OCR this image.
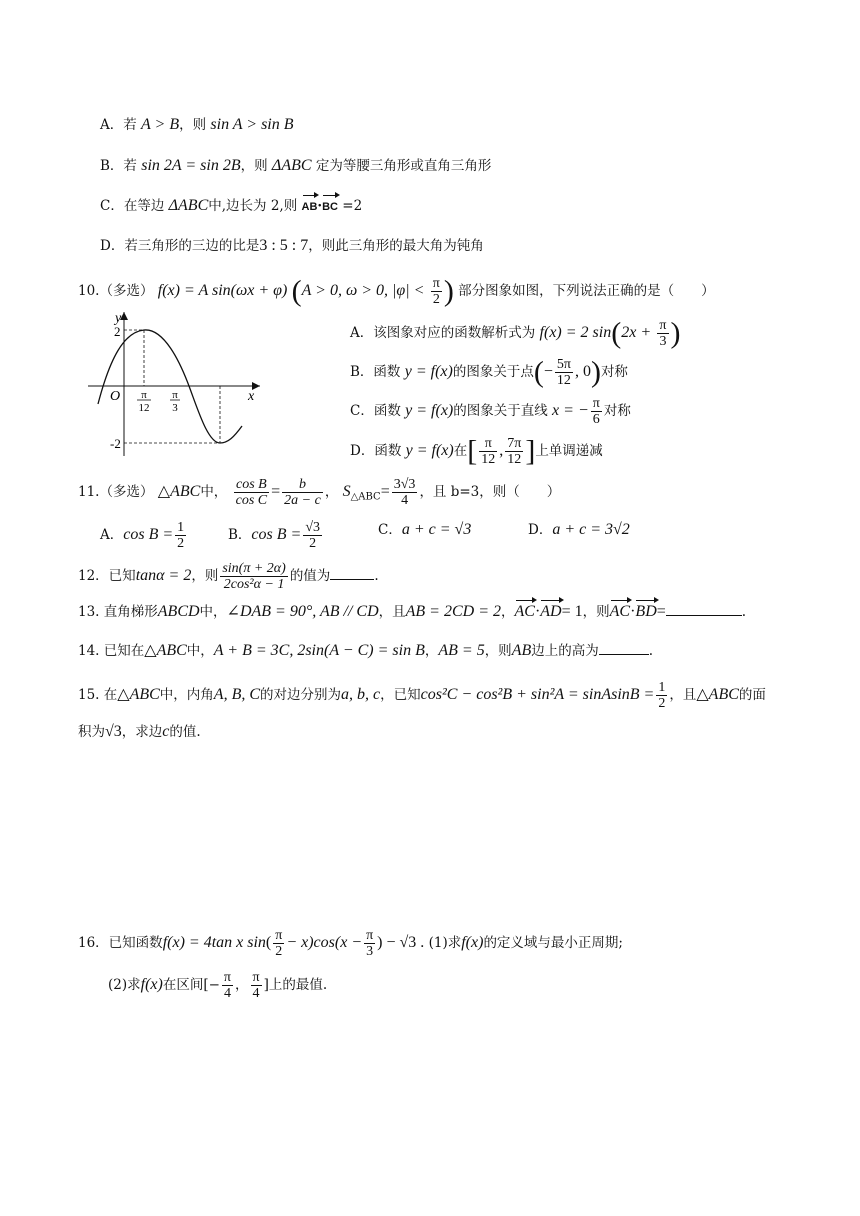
A．若 A > B，则 sin A > sin B
B．若 sin 2A = sin 2B，则 ΔABC 定为等腰三角形或直角三角形
C．在等边 ΔABC中,边长为 2,则 AB·BC =2
D．若三角形的三边的比是3 : 5 : 7，则此三角形的最大角为钝角
10.（多选） f(x) = A sin(ωx + φ) (A > 0, ω > 0, $|\varphi| < \frac{\pi}{2}$ ) 部分图象如图，下列说法正确的是（　　）
y
x
O
2
-2
π
12
π
3
A．该图象对应的函数解析式为 f(x) = 2 $\sin(2x + \frac{\pi}{3}$ )
B．函数 y = f(x)的图象关于点(− $\frac{5\pi}{12}$ , 0)对称
C．函数 y = f(x)的图象关于直线 x = − $\frac{\pi}{6}$ 对称
D．函数 y = f(x)在[ $\frac{\pi}{12}$ , $\frac{7\pi}{12}$ ]上单调递减
11.（多选） △ABC中， $\frac{\text{cos B}}{\text{cos C}} = \frac{b}{2a - c}$ ， $S_{\triangle ABC}= \frac{3√3}{4}$ ，且 b=3，则（　　）
A．$\cos B = \frac{1}{2}$	B．$\cos B = \frac{√3}{2}$	C．a + c = √3	D．a + c = 3√2
12．已知tanα = 2，则 $\frac{\sin(\pi + 2\alpha)}{\text{2cos²α − 1}}$ 的值为	.
13. 直角梯形ABCD中，∠DAB = 90°, AB // CD，且AB = 2CD = 2，AC·AD= 1，则AC·BD=	.
14. 已知在△ABC中，A + B = 3C, 2sin(A − C) = sin B，AB = 5，则AB边上的高为	.
15. 在△ABC中，内角A, B, C的对边分别为a, b, c，已知cos²C − cos²B + sin²A = sinAsinB = $\frac{1}{2}$ ，且△ABC的面
积为√3，求边c的值.
16．已知函数f(x) = 4tan x $\sin( \frac{\pi}{2} - x)\cos(x - \frac{\pi}{3}$ ) − √3 . (1)求f(x)的定义域与最小正周期;
(2)求f(x)在区间[− $\frac{\pi}{4}$ ， $\frac{\pi}{4}$ ]上的最值.
